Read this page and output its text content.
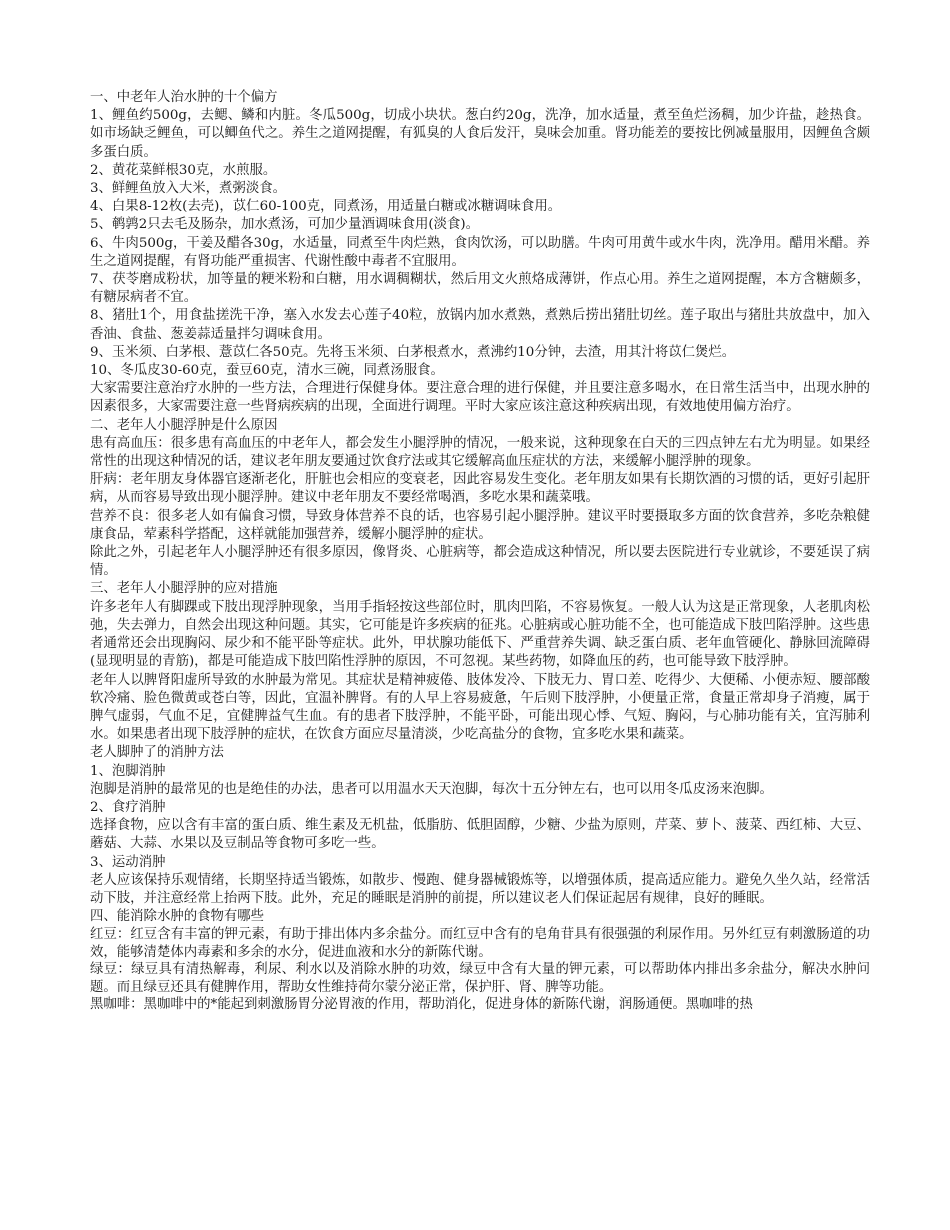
一、中老年人治水肿的十个偏方

1、鲤鱼约500g，去鳃、鳞和内脏。冬瓜500g，切成小块状。葱白约20g，洗净，加水适量，煮至鱼烂汤稠，加少许盐，趁热食。如市场缺乏鲤鱼，可以鲫鱼代之。养生之道网提醒，有狐臭的人食后发汗，臭味会加重。肾功能差的要按比例减量服用，因鲤鱼含颇多蛋白质。

2、黄花菜鲜根30克，水煎服。

3、鲜鲤鱼放入大米，煮粥淡食。

4、白果8-12枚(去壳)，苡仁60-100克，同煮汤，用适量白糖或冰糖调味食用。

5、鹌鹑2只去毛及肠杂，加水煮汤，可加少量酒调味食用(淡食)。

6、牛肉500g，干姜及醋各30g，水适量，同煮至牛肉烂熟，食肉饮汤，可以助膳。牛肉可用黄牛或水牛肉，洗净用。醋用米醋。养生之道网提醒，有肾功能严重损害、代谢性酸中毒者不宜服用。

7、茯苓磨成粉状，加等量的粳米粉和白糖，用水调稠糊状，然后用文火煎烙成薄饼，作点心用。养生之道网提醒，本方含糖颇多，有糖尿病者不宜。

8、猪肚1个，用食盐搓洗干净，塞入水发去心莲子40粒，放锅内加水煮熟，煮熟后捞出猪肚切丝。莲子取出与猪肚共放盘中，加入香油、食盐、葱姜蒜适量拌匀调味食用。

9、玉米须、白茅根、薏苡仁各50克。先将玉米须、白茅根煮水，煮沸约10分钟，去渣，用其汁将苡仁煲烂。

10、冬瓜皮30-60克，蚕豆60克，清水三碗，同煮汤服食。

大家需要注意治疗水肿的一些方法，合理进行保健身体。要注意合理的进行保健，并且要注意多喝水，在日常生活当中，出现水肿的因素很多，大家需要注意一些肾病疾病的出现，全面进行调理。平时大家应该注意这种疾病出现，有效地使用偏方治疗。

二、老年人小腿浮肿是什么原因

患有高血压：很多患有高血压的中老年人，都会发生小腿浮肿的情况，一般来说，这种现象在白天的三四点钟左右尤为明显。如果经常性的出现这种情况的话，建议老年朋友要通过饮食疗法或其它缓解高血压症状的方法，来缓解小腿浮肿的现象。

肝病：老年朋友身体器官逐渐老化，肝脏也会相应的变衰老，因此容易发生变化。老年朋友如果有长期饮酒的习惯的话，更好引起肝病，从而容易导致出现小腿浮肿。建议中老年朋友不要经常喝酒，多吃水果和蔬菜哦。

营养不良：很多老人如有偏食习惯，导致身体营养不良的话，也容易引起小腿浮肿。建议平时要摄取多方面的饮食营养，多吃杂粮健康食品，荤素科学搭配，这样就能加强营养，缓解小腿浮肿的症状。

除此之外，引起老年人小腿浮肿还有很多原因，像肾炎、心脏病等，都会造成这种情况，所以要去医院进行专业就诊，不要延误了病情。

三、老年人小腿浮肿的应对措施

许多老年人有脚踝或下肢出现浮肿现象，当用手指轻按这些部位时，肌肉凹陷，不容易恢复。一般人认为这是正常现象，人老肌肉松弛，失去弹力，自然会出现这种问题。其实，它可能是许多疾病的征兆。心脏病或心脏功能不全，也可能造成下肢凹陷浮肿。这些患者通常还会出现胸闷、尿少和不能平卧等症状。此外，甲状腺功能低下、严重营养失调、缺乏蛋白质、老年血管硬化、静脉回流障碍(显现明显的青筋)，都是可能造成下肢凹陷性浮肿的原因，不可忽视。某些药物，如降血压的药，也可能导致下肢浮肿。

老年人以脾肾阳虚所导致的水肿最为常见。其症状是精神疲倦、肢体发冷、下肢无力、胃口差、吃得少、大便稀、小便赤短、腰部酸软冷痛、脸色微黄或苍白等，因此，宜温补脾肾。有的人早上容易疲惫，午后则下肢浮肿，小便量正常，食量正常却身子消瘦，属于脾气虚弱，气血不足，宜健脾益气生血。有的患者下肢浮肿，不能平卧，可能出现心悸、气短、胸闷，与心肺功能有关，宜泻肺利水。如果患者出现下肢浮肿的症状，在饮食方面应尽量清淡，少吃高盐分的食物，宜多吃水果和蔬菜。

老人脚肿了的消肿方法

1、泡脚消肿

泡脚是消肿的最常见的也是绝佳的办法，患者可以用温水天天泡脚，每次十五分钟左右，也可以用冬瓜皮汤来泡脚。

2、食疗消肿

选择食物，应以含有丰富的蛋白质、维生素及无机盐，低脂肪、低胆固醇，少糖、少盐为原则，芹菜、萝卜、菠菜、西红柿、大豆、蘑菇、大蒜、水果以及豆制品等食物可多吃一些。

3、运动消肿

老人应该保持乐观情绪，长期坚持适当锻炼，如散步、慢跑、健身器械锻炼等，以增强体质，提高适应能力。避免久坐久站，经常活动下肢，并注意经常上抬两下肢。此外，充足的睡眠是消肿的前提，所以建议老人们保证起居有规律，良好的睡眠。

四、能消除水肿的食物有哪些

红豆：红豆含有丰富的钾元素，有助于排出体内多余盐分。而红豆中含有的皂角苷具有很强强的利尿作用。另外红豆有刺激肠道的功效，能够清楚体内毒素和多余的水分，促进血液和水分的新陈代谢。

绿豆：绿豆具有清热解毒，利尿、利水以及消除水肿的功效，绿豆中含有大量的钾元素，可以帮助体内排出多余盐分，解决水肿问题。而且绿豆还具有健脾作用，帮助女性维持荷尔蒙分泌正常，保护肝、肾、脾等功能。

黑咖啡：黑咖啡中的*能起到刺激肠胃分泌胃液的作用，帮助消化，促进身体的新陈代谢，润肠通便。黑咖啡的热
